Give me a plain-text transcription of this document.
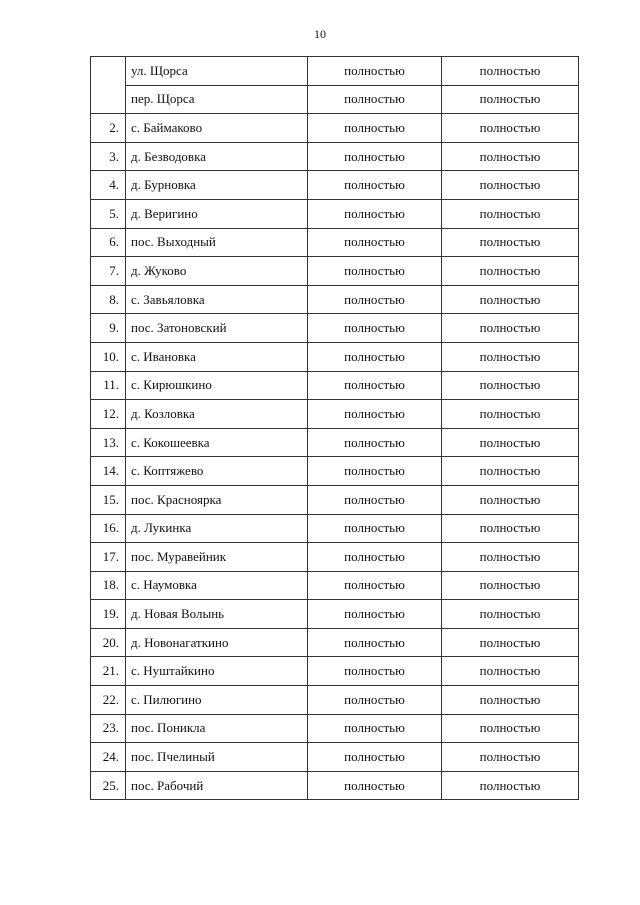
10
	ул. Щорса	полностью	полностью
	пер. Щорса	полностью	полностью
2.	с. Баймаково	полностью	полностью
3.	д. Безводовка	полностью	полностью
4.	д. Бурновка	полностью	полностью
5.	д. Веригино	полностью	полностью
6.	пос. Выходный	полностью	полностью
7.	д. Жуково	полностью	полностью
8.	с. Завьяловка	полностью	полностью
9.	пос. Затоновский	полностью	полностью
10.	с. Ивановка	полностью	полностью
11.	с. Кирюшкино	полностью	полностью
12.	д. Козловка	полностью	полностью
13.	с. Кокошеевка	полностью	полностью
14.	с. Коптяжево	полностью	полностью
15.	пос. Красноярка	полностью	полностью
16.	д. Лукинка	полностью	полностью
17.	пос. Муравейник	полностью	полностью
18.	с. Наумовка	полностью	полностью
19.	д. Новая Волынь	полностью	полностью
20.	д. Новонагаткино	полностью	полностью
21.	с. Нуштайкино	полностью	полностью
22.	с. Пилюгино	полностью	полностью
23.	пос. Поникла	полностью	полностью
24.	пос. Пчелиный	полностью	полностью
25.	пос. Рабочий	полностью	полностью
